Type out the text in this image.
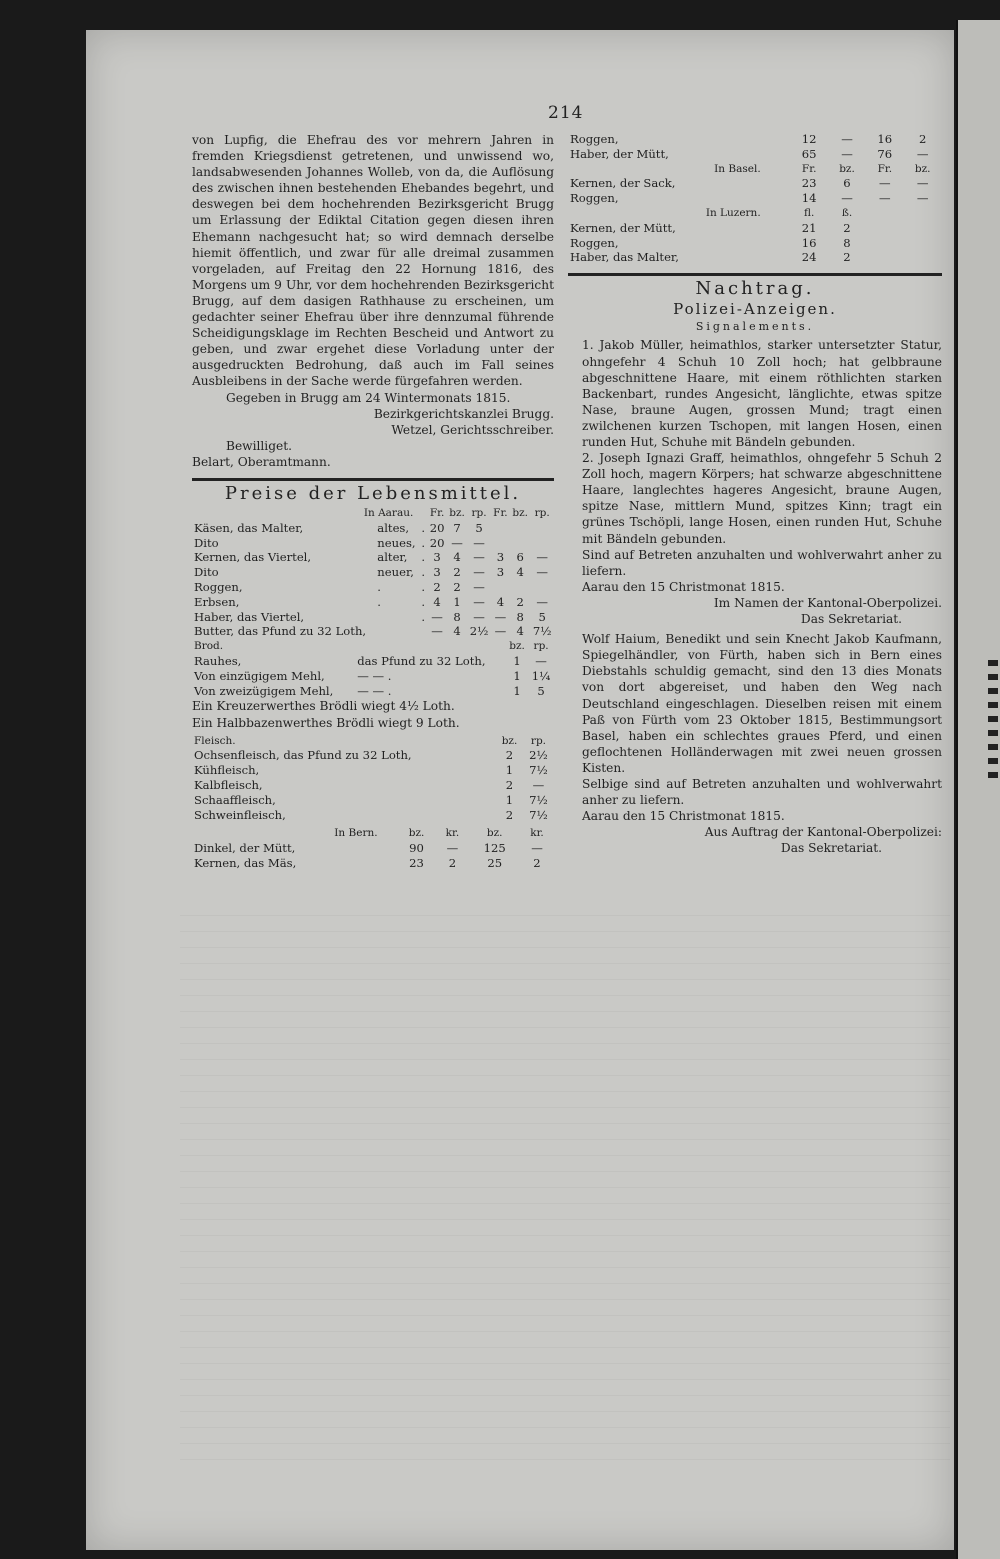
214

von Lupfig, die Ehefrau des vor mehrern Jahren in fremden Kriegsdienst getretenen, und unwissend wo, landsabwesenden Johannes Wolleb, von da, die Auflösung des zwischen ihnen bestehenden Ehebandes begehrt, und deswegen bei dem hochehrenden Bezirksgericht Brugg um Erlassung der Ediktal Citation gegen diesen ihren Ehemann nachgesucht hat; so wird demnach derselbe hiemit öffentlich, und zwar für alle dreimal zusammen vorgeladen, auf Freitag den 22 Hornung 1816, des Morgens um 9 Uhr, vor dem hochehrenden Bezirksgericht Brugg, auf dem dasigen Rathhause zu erscheinen, um gedachter seiner Ehefrau über ihre dennzumal führende Scheidigungsklage im Rechten Bescheid und Antwort zu geben, und zwar ergehet diese Vorladung unter der ausgedruckten Bedrohung, daß auch im Fall seines Ausbleibens in der Sache werde fürgefahren werden.

Gegeben in Brugg am 24 Wintermonats 1815.

Bezirkgerichtskanzlei Brugg.

Wetzel, Gerichtsschreiber.

Bewilliget.

Belart, Oberamtmann.

Preise der Lebensmittel.
In Aarau.			Fr.	bz.	rp.	Fr.	bz.	rp.
Käsen, das Malter,	altes,	.	20	7	5			
Dito	neues,	.	20	—	—			
Kernen, das Viertel,	alter,	.	3	4	—	3	6	—
Dito	neuer,	.	3	2	—	3	4	—
Roggen,	.	.	2	2	—			
Erbsen,	.	.	4	1	—	4	2	—
Haber, das Viertel,		.	—	8	—	—	8	5
Butter, das Pfund zu 32 Loth,			—	4	2½	—	4	7½
Brod.		bz.	rp.
Rauhes,	das Pfund zu 32 Loth,	1	—
Von einzügigem Mehl,	— — .	1	1¼
Von zweizügigem Mehl,	— — .	1	5

Ein Kreuzerwerthes Brödli wiegt 4½ Loth.

Ein Halbbazenwerthes Brödli wiegt 9 Loth.

Fleisch.	bz.	rp.
Ochsenfleisch, das Pfund zu 32 Loth,	2	2½
Kühfleisch,	1	7½
Kalbfleisch,	2	—
Schaaffleisch,	1	7½
Schweinfleisch,	2	7½
In Bern.	bz.	kr.	bz.	kr.
Dinkel, der Mütt,	90	—	125	—
Kernen, das Mäs,	23	2	25	2
Roggen,	12	—	16	2
Haber, der Mütt,	65	—	76	—
In Basel.	Fr.	bz.	Fr.	bz.
Kernen, der Sack,	23	6	—	—
Roggen,	14	—	—	—
In Luzern.	fl.	ß.		
Kernen, der Mütt,	21	2		
Roggen,	16	8		
Haber, das Malter,	24	2		
Nachtrag.
Polizei-Anzeigen.
Signalements.

1. Jakob Müller, heimathlos, starker untersetzter Statur, ohngefehr 4 Schuh 10 Zoll hoch; hat gelbbraune abgeschnittene Haare, mit einem röthlichten starken Backenbart, rundes Angesicht, länglichte, etwas spitze Nase, braune Augen, grossen Mund; tragt einen zwilchenen kurzen Tschopen, mit langen Hosen, einen runden Hut, Schuhe mit Bändeln gebunden.

2. Joseph Ignazi Graff, heimathlos, ohngefehr 5 Schuh 2 Zoll hoch, magern Körpers; hat schwarze abgeschnittene Haare, langlechtes hageres Angesicht, braune Augen, spitze Nase, mittlern Mund, spitzes Kinn; tragt ein grünes Tschöpli, lange Hosen, einen runden Hut, Schuhe mit Bändeln gebunden.

Sind auf Betreten anzuhalten und wohlverwahrt anher zu liefern.

Aarau den 15 Christmonat 1815.

Im Namen der Kantonal-Oberpolizei.

Das Sekretariat.

Wolf Haium, Benedikt und sein Knecht Jakob Kaufmann, Spiegelhändler, von Fürth, haben sich in Bern eines Diebstahls schuldig gemacht, sind den 13 dies Monats von dort abgereiset, und haben den Weg nach Deutschland eingeschlagen. Dieselben reisen mit einem Paß von Fürth vom 23 Oktober 1815, Bestimmungsort Basel, haben ein schlechtes graues Pferd, und einen geflochtenen Holländerwagen mit zwei neuen grossen Kisten.

Selbige sind auf Betreten anzuhalten und wohlverwahrt anher zu liefern.

Aarau den 15 Christmonat 1815.

Aus Auftrag der Kantonal-Oberpolizei:

Das Sekretariat.
